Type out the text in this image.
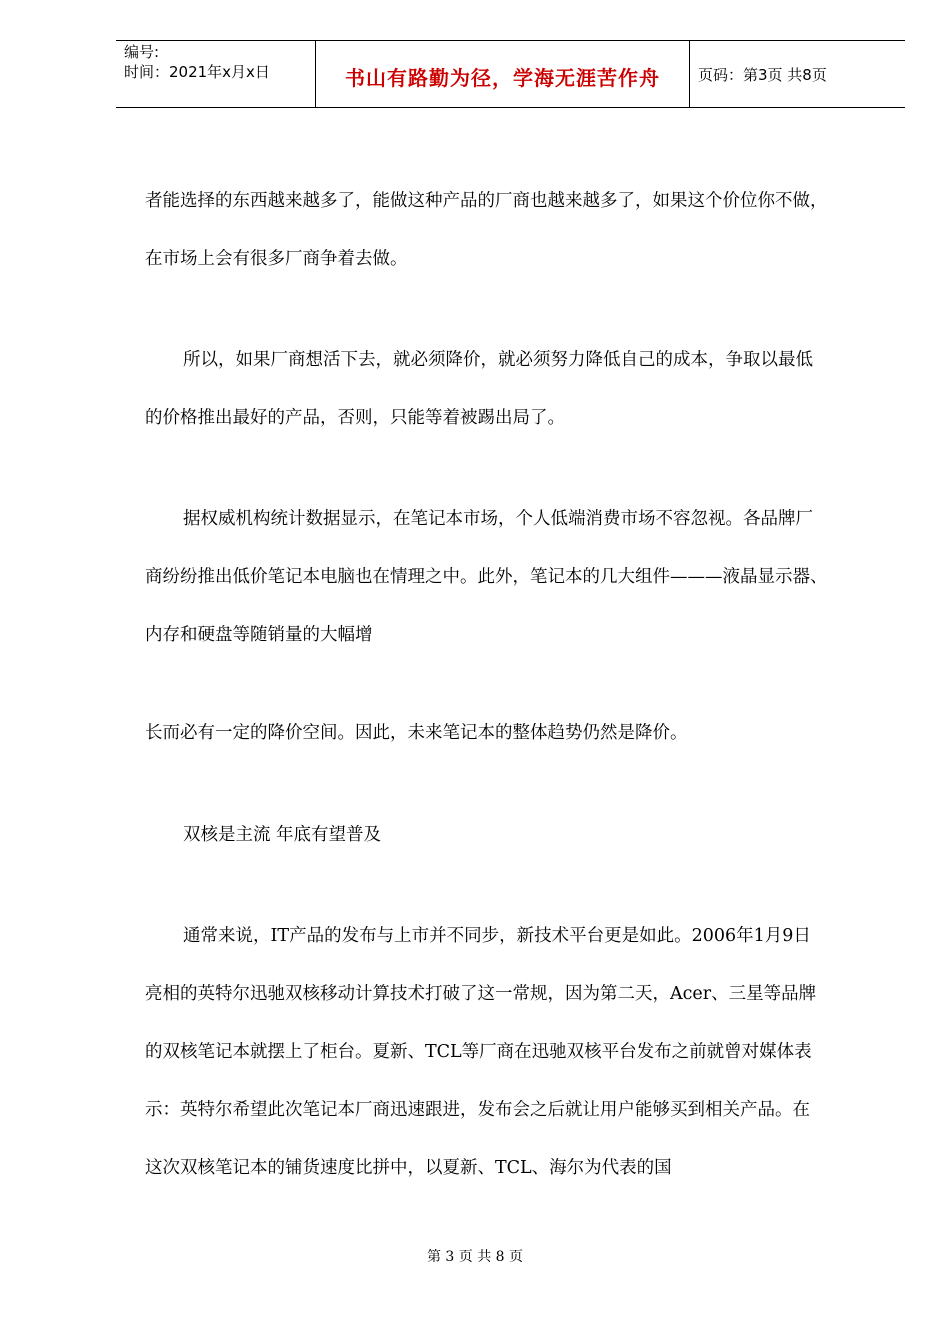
编号:
时间：2021年x月x日	书山有路勤为径，学海无涯苦作舟	页码：第3页 共8页
者能选择的东西越来越多了，能做这种产品的厂商也越来越多了，如果这个价位你不做，
在市场上会有很多厂商争着去做。
所以，如果厂商想活下去，就必须降价，就必须努力降低自己的成本，争取以最低
的价格推出最好的产品，否则，只能等着被踢出局了。
据权威机构统计数据显示，在笔记本市场，个人低端消费市场不容忽视。各品牌厂
商纷纷推出低价笔记本电脑也在情理之中。此外，笔记本的几大组件———液晶显示器、
内存和硬盘等随销量的大幅增
长而必有一定的降价空间。因此，未来笔记本的整体趋势仍然是降价。
双核是主流 年底有望普及
通常来说，IT产品的发布与上市并不同步，新技术平台更是如此。2006年1月9日
亮相的英特尔迅驰双核移动计算技术打破了这一常规，因为第二天，Acer、三星等品牌
的双核笔记本就摆上了柜台。夏新、TCL等厂商在迅驰双核平台发布之前就曾对媒体表
示：英特尔希望此次笔记本厂商迅速跟进，发布会之后就让用户能够买到相关产品。在
这次双核笔记本的铺货速度比拼中，以夏新、TCL、海尔为代表的国
第 3 页 共 8 页
